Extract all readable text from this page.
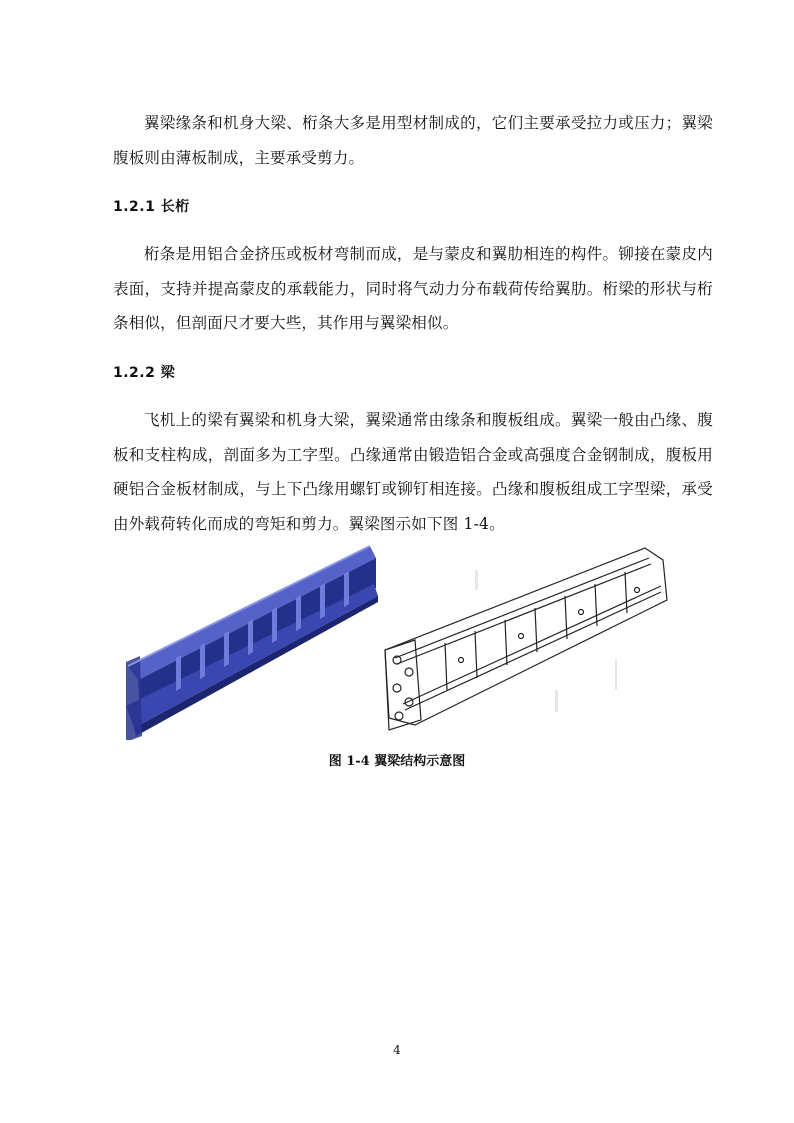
翼梁缘条和机身大梁、桁条大多是用型材制成的，它们主要承受拉力或压力；翼梁腹板则由薄板制成，主要承受剪力。

1.2.1 长桁

桁条是用铝合金挤压或板材弯制而成，是与蒙皮和翼肋相连的构件。铆接在蒙皮内表面，支持并提高蒙皮的承载能力，同时将气动力分布载荷传给翼肋。桁梁的形状与桁条相似，但剖面尺才要大些，其作用与翼梁相似。

1.2.2 梁

飞机上的梁有翼梁和机身大梁，翼梁通常由缘条和腹板组成。翼梁一般由凸缘、腹板和支柱构成，剖面多为工字型。凸缘通常由锻造铝合金或高强度合金钢制成，腹板用硬铝合金板材制成，与上下凸缘用螺钉或铆钉相连接。凸缘和腹板组成工字型梁，承受由外载荷转化而成的弯矩和剪力。翼梁图示如下图 1-4。

图 1-4 翼梁结构示意图

4
